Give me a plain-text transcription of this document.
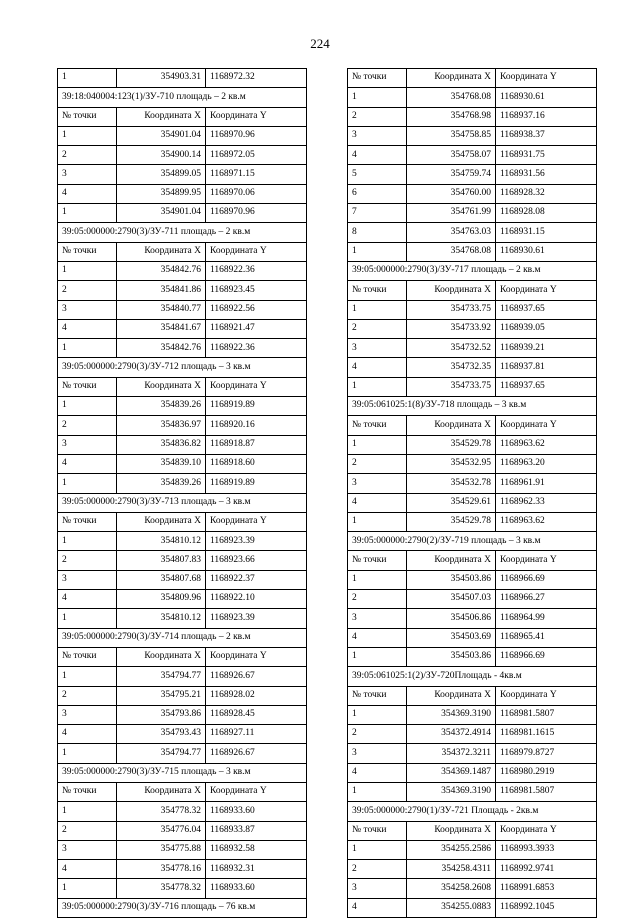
224
1	354903.31	1168972.32
39:18:040004:123(1)/ЗУ-710 площадь – 2 кв.м		
№ точки	Координата X	Координата Y
1	354901.04	1168970.96
2	354900.14	1168972.05
3	354899.05	1168971.15
4	354899.95	1168970.06
1	354901.04	1168970.96
39:05:000000:2790(3)/ЗУ-711 площадь – 2 кв.м		
№ точки	Координата X	Координата Y
1	354842.76	1168922.36
2	354841.86	1168923.45
3	354840.77	1168922.56
4	354841.67	1168921.47
1	354842.76	1168922.36
39:05:000000:2790(3)/ЗУ-712 площадь – 3 кв.м		
№ точки	Координата X	Координата Y
1	354839.26	1168919.89
2	354836.97	1168920.16
3	354836.82	1168918.87
4	354839.10	1168918.60
1	354839.26	1168919.89
39:05:000000:2790(3)/ЗУ-713 площадь – 3 кв.м		
№ точки	Координата X	Координата Y
1	354810.12	1168923.39
2	354807.83	1168923.66
3	354807.68	1168922.37
4	354809.96	1168922.10
1	354810.12	1168923.39
39:05:000000:2790(3)/ЗУ-714 площадь – 2 кв.м		
№ точки	Координата X	Координата Y
1	354794.77	1168926.67
2	354795.21	1168928.02
3	354793.86	1168928.45
4	354793.43	1168927.11
1	354794.77	1168926.67
39:05:000000:2790(3)/ЗУ-715 площадь – 3 кв.м		
№ точки	Координата X	Координата Y
1	354778.32	1168933.60
2	354776.04	1168933.87
3	354775.88	1168932.58
4	354778.16	1168932.31
1	354778.32	1168933.60
39:05:000000:2790(3)/ЗУ-716 площадь – 76 кв.м		
№ точки	Координата X	Координата Y
1	354768.08	1168930.61
2	354768.98	1168937.16
3	354758.85	1168938.37
4	354758.07	1168931.75
5	354759.74	1168931.56
6	354760.00	1168928.32
7	354761.99	1168928.08
8	354763.03	1168931.15
1	354768.08	1168930.61
39:05:000000:2790(3)/ЗУ-717 площадь – 2 кв.м		
№ точки	Координата X	Координата Y
1	354733.75	1168937.65
2	354733.92	1168939.05
3	354732.52	1168939.21
4	354732.35	1168937.81
1	354733.75	1168937.65
39:05:061025:1(8)/ЗУ-718 площадь – 3 кв.м		
№ точки	Координата X	Координата Y
1	354529.78	1168963.62
2	354532.95	1168963.20
3	354532.78	1168961.91
4	354529.61	1168962.33
1	354529.78	1168963.62
39:05:000000:2790(2)/ЗУ-719 площадь – 3 кв.м		
№ точки	Координата X	Координата Y
1	354503.86	1168966.69
2	354507.03	1168966.27
3	354506.86	1168964.99
4	354503.69	1168965.41
1	354503.86	1168966.69
39:05:061025:1(2)/ЗУ-720Площадь - 4кв.м		
№ точки	Координата X	Координата Y
1	354369.3190	1168981.5807
2	354372.4914	1168981.1615
3	354372.3211	1168979.8727
4	354369.1487	1168980.2919
1	354369.3190	1168981.5807
39:05:000000:2790(1)/ЗУ-721 Площадь - 2кв.м		
№ точки	Координата X	Координата Y
1	354255.2586	1168993.3933
2	354258.4311	1168992.9741
3	354258.2608	1168991.6853
4	354255.0883	1168992.1045
